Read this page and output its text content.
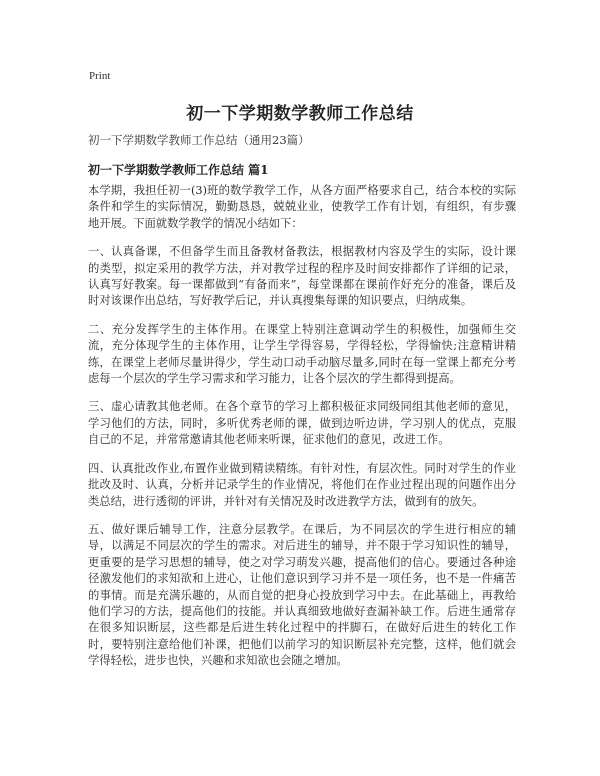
Print
初一下学期数学教师工作总结
初一下学期数学教师工作总结（通用23篇）
初一下学期数学教师工作总结 篇1

本学期，我担任初一(3)班的数学教学工作，从各方面严格要求自己，结合本校的实际条件和学生的实际情况，勤勤恳恳，兢兢业业，使教学工作有计划，有组织，有步骤地开展。下面就数学教学的情况小结如下：

一、认真备课，不但备学生而且备教材备教法，根据教材内容及学生的实际，设计课的类型，拟定采用的教学方法，并对教学过程的程序及时间安排都作了详细的记录，认真写好教案。每一课都做到“有备而来”，每堂课都在课前作好充分的准备，课后及时对该课作出总结，写好教学后记，并认真搜集每课的知识要点，归纳成集。

二、充分发挥学生的主体作用。在课堂上特别注意调动学生的积极性，加强师生交流，充分体现学生的主体作用，让学生学得容易，学得轻松，学得愉快;注意精讲精练，在课堂上老师尽量讲得少，学生动口动手动脑尽量多,同时在每一堂课上都充分考虑每一个层次的学生学习需求和学习能力，让各个层次的学生都得到提高。

三、虚心请教其他老师。在各个章节的学习上都积极征求同级同组其他老师的意见，学习他们的方法，同时，多听优秀老师的课，做到边听边讲，学习别人的优点，克服自己的不足，并常常邀请其他老师来听课，征求他们的意见，改进工作。

四、认真批改作业,布置作业做到精读精练。有针对性，有层次性。同时对学生的作业批改及时、认真，分析并记录学生的作业情况，将他们在作业过程出现的问题作出分类总结，进行透彻的评讲，并针对有关情况及时改进教学方法，做到有的放矢。

五、做好课后辅导工作，注意分层教学。在课后，为不同层次的学生进行相应的辅导，以满足不同层次的学生的需求。对后进生的辅导，并不限于学习知识性的辅导，更重要的是学习思想的辅导，使之对学习萌发兴趣，提高他们的信心。要通过各种途径激发他们的求知欲和上进心，让他们意识到学习并不是一项任务，也不是一件痛苦的事情。而是充满乐趣的，从而自觉的把身心投放到学习中去。在此基础上，再教给他们学习的方法，提高他们的技能。并认真细致地做好查漏补缺工作。后进生通常存在很多知识断层，这些都是后进生转化过程中的拌脚石，在做好后进生的转化工作时，要特别注意给他们补课，把他们以前学习的知识断层补充完整，这样，他们就会学得轻松，进步也快，兴趣和求知欲也会随之增加。
